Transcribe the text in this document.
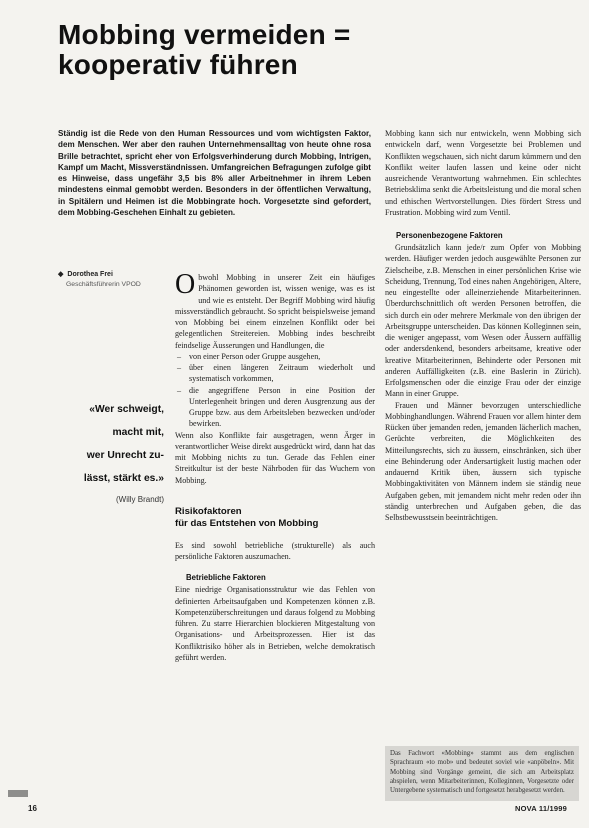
Mobbing vermeiden =
kooperativ führen
Ständig ist die Rede von den Human Ressources und vom wichtigsten Faktor, dem Menschen. Wer aber den rauhen Unternehmensalltag von heute ohne rosa Brille betrachtet, spricht eher von Erfolgsverhinderung durch Mobbing, Intrigen, Kampf um Macht, Missverständnissen. Umfangreichen Befragungen zufolge gibt es Hinweise, dass ungefähr 3,5 bis 8% aller Arbeitnehmer in ihrem Leben mindestens einmal gemobbt werden. Besonders in der öffentlichen Verwaltung, in Spitälern und Heimen ist die Mobbingrate hoch. Vorgesetzte sind gefordert, dem Mobbing-Geschehen Einhalt zu gebieten.
◆ Dorothea Frei
Geschäftsführerin VPOD
«Wer schweigt,
macht mit,
wer Unrecht zu-
lässt, stärkt es.»
(Willy Brandt)

Obwohl Mobbing in unserer Zeit ein häufiges Phänomen geworden ist, wissen wenige, was es ist und wie es entsteht. Der Begriff Mobbing wird häufig missverständlich gebraucht. So spricht beispielsweise jemand von Mobbing bei einem einzelnen Konflikt oder bei gelegentlichen Streitereien. Mobbing indes beschreibt feindselige Äusserungen und Handlungen, die

– von einer Person oder Gruppe ausgehen,
– über einen längeren Zeitraum wiederholt und systematisch vorkommen,
– die angegriffene Person in eine Position der Unterlegenheit bringen und deren Ausgrenzung aus der Gruppe bzw. aus dem Arbeitsleben bezwecken und/oder bewirken.

Wenn also Konflikte fair ausgetragen, wenn Ärger in verantwortlicher Weise direkt ausgedrückt wird, dann hat das mit Mobbing nichts zu tun. Gerade das Fehlen einer Streitkultur ist der beste Nährboden für das Wuchern von Mobbing.

Risikofaktoren
für das Entstehen von Mobbing

Es sind sowohl betriebliche (strukturelle) als auch persönliche Faktoren auszumachen.

Betriebliche Faktoren

Eine niedrige Organisationsstruktur wie das Fehlen von definierten Arbeitsaufgaben und Kompetenzen können z.B. Kompetenzüberschreitungen und daraus folgend zu Mobbing führen. Zu starre Hierarchien blockieren Mitgestaltung von Organisations- und Arbeitsprozessen. Hier ist das Konfliktrisiko höher als in Betrieben, welche demokratisch geführt werden.

Mobbing kann sich nur entwickeln, wenn Mobbing sich entwickeln darf, wenn Vorgesetzte bei Problemen und Konflikten wegschauen, sich nicht darum kümmern und den Konflikt weiter laufen lassen und keine oder nicht ausreichende Verantwortung wahrnehmen. Ein schlechtes Betriebsklima senkt die Arbeitsleistung und die moral schen und ethischen Wertvorstellungen. Dies fördert Stress und Frustration. Mobbing wird zum Ventil.

Personenbezogene Faktoren

Grundsätzlich kann jede/r zum Opfer von Mobbing werden. Häufiger werden jedoch ausgewählte Personen zur Zielscheibe, z.B. Menschen in einer persönlichen Krise wie Scheidung, Trennung, Tod eines nahen Angehörigen, Altere, neu eingestellte oder alleinerziehende Mitarbeiterinnen. Überdurchschnittlich oft werden Personen betroffen, die sich durch ein oder mehrere Merkmale von den übrigen der Arbeitsgruppe unterscheiden. Das können Kolleginnen sein, die weniger angepasst, vom Wesen oder Äussern auffällig oder andersdenkend, besonders arbeitsame, kreative oder kreative Mitarbeiterinnen, Behinderte oder Personen mit anderen Auffälligkeiten (z.B. eine Baslerin in Zürich). Erfolgsmenschen oder die einzige Frau oder der einzige Mann in einer Gruppe.

Frauen und Männer bevorzugen unterschiedliche Mobbinghandlungen. Während Frauen vor allem hinter dem Rücken über jemanden reden, jemanden lächerlich machen, Gerüchte verbreiten, die Möglichkeiten des Mitteilungsrechts, sich zu äussern, einschränken, sich über eine Behinderung oder Andersartigkeit lustig machen oder andauernd Kritik üben, äussern sich typische Mobbingaktivitäten von Männern indem sie ständig neue Aufgaben geben, mit jemandem nicht mehr reden oder ihn ständig unterbrechen und Aufgaben geben, die das Selbstbewusstsein beeinträchtigen.

Das Fachwort «Mobbing» stammt aus dem englischen Sprachraum «to mob» und bedeutet soviel wie «anpöbeln». Mit Mobbing sind Vorgänge gemeint, die sich am Arbeitsplatz abspielen, wenn Mitarbeiterinnen, Kolleginnen, Vorgesetzte oder Untergebene systematisch und fortgesetzt herabgesetzt werden.
16	NOVA 11/1999
